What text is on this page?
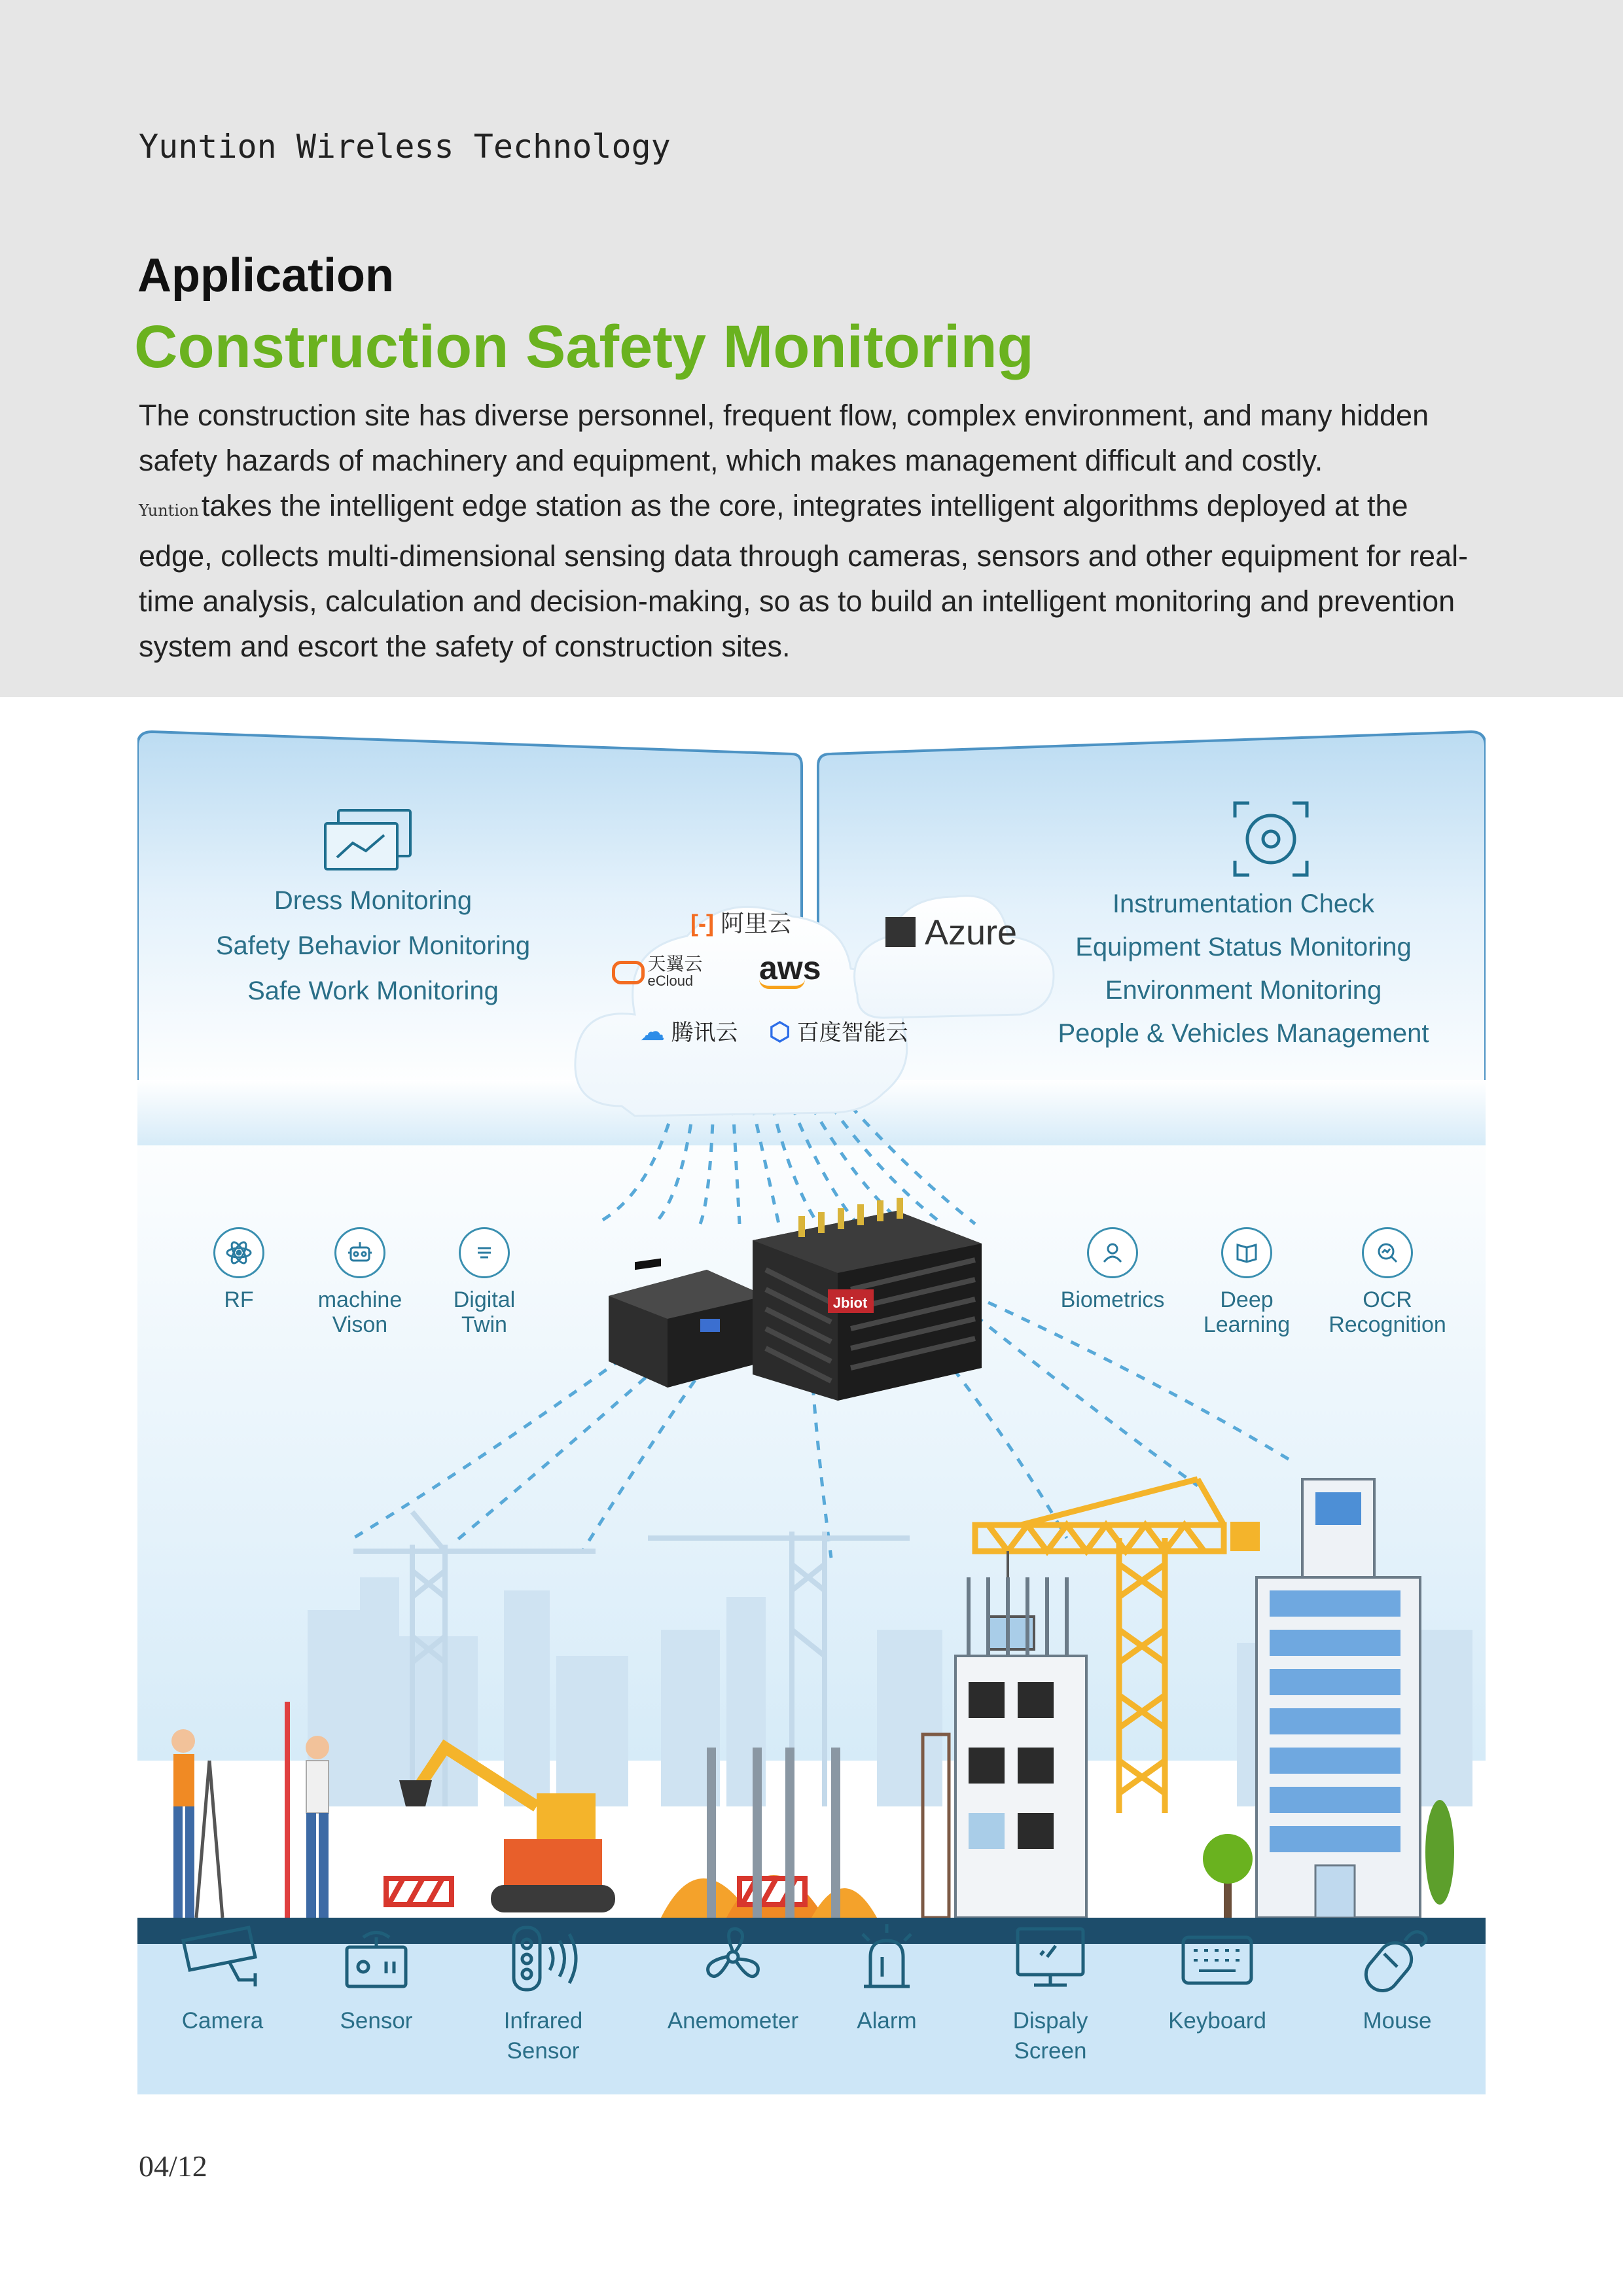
Yuntion Wireless Technology
Application
Construction Safety Monitoring

The construction site has diverse personnel, frequent flow, complex environment, and many hidden safety hazards of machinery and equipment, which makes management difficult and costly.

Yuntiontakes the intelligent edge station as the core, integrates intelligent algorithms deployed at the edge, collects multi-dimensional sensing data through cameras, sensors and other equipment for real-time analysis, calculation and decision-making, so as to build an intelligent monitoring and prevention system and escort the safety of construction sites.

Dress Monitoring
Safety Behavior Monitoring
Safe Work Monitoring
Instrumentation Check
Equipment Status Monitoring
Environment Monitoring
People & Vehicles Management
[-] 阿里云

天翼云
eCloud aws
Azure
☁ 腾讯云 ⬡ 百度智能云
RF	machine
Vison
Digital
Twin
Biometrics	Deep
Learning
OCR
Recognition
Jbiot
Camera	Sensor	Infrared
Sensor
Anemometer	Alarm	Dispaly
Screen
Keyboard	Mouse
04/12
